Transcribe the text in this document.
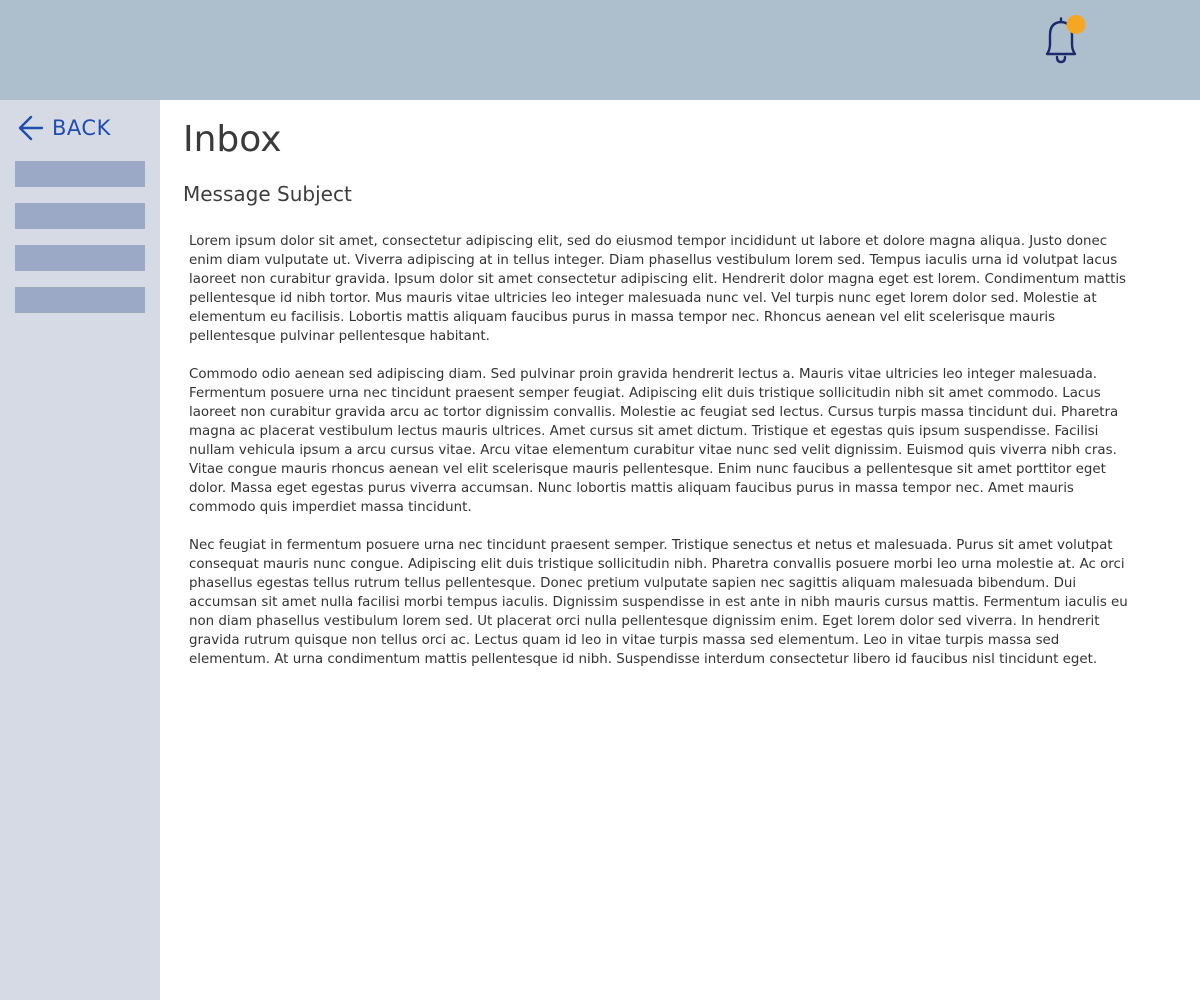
BACK Inbox
Message Subject

Lorem ipsum dolor sit amet, consectetur adipiscing elit, sed do eiusmod tempor incididunt ut labore et dolore magna aliqua. Justo donec enim diam vulputate ut. Viverra adipiscing at in tellus integer. Diam phasellus vestibulum lorem sed. Tempus iaculis urna id volutpat lacus laoreet non curabitur gravida. Ipsum dolor sit amet consectetur adipiscing elit. Hendrerit dolor magna eget est lorem. Condimentum mattis pellentesque id nibh tortor. Mus mauris vitae ultricies leo integer malesuada nunc vel. Vel turpis nunc eget lorem dolor sed. Molestie at elementum eu facilisis. Lobortis mattis aliquam faucibus purus in massa tempor nec. Rhoncus aenean vel elit scelerisque mauris pellentesque pulvinar pellentesque habitant.

Commodo odio aenean sed adipiscing diam. Sed pulvinar proin gravida hendrerit lectus a. Mauris vitae ultricies leo integer malesuada. Fermentum posuere urna nec tincidunt praesent semper feugiat. Adipiscing elit duis tristique sollicitudin nibh sit amet commodo. Lacus laoreet non curabitur gravida arcu ac tortor dignissim convallis. Molestie ac feugiat sed lectus. Cursus turpis massa tincidunt dui. Pharetra magna ac placerat vestibulum lectus mauris ultrices. Amet cursus sit amet dictum. Tristique et egestas quis ipsum suspendisse. Facilisi nullam vehicula ipsum a arcu cursus vitae. Arcu vitae elementum curabitur vitae nunc sed velit dignissim. Euismod quis viverra nibh cras. Vitae congue mauris rhoncus aenean vel elit scelerisque mauris pellentesque. Enim nunc faucibus a pellentesque sit amet porttitor eget dolor. Massa eget egestas purus viverra accumsan. Nunc lobortis mattis aliquam faucibus purus in massa tempor nec. Amet mauris commodo quis imperdiet massa tincidunt.

Nec feugiat in fermentum posuere urna nec tincidunt praesent semper. Tristique senectus et netus et malesuada. Purus sit amet volutpat consequat mauris nunc congue. Adipiscing elit duis tristique sollicitudin nibh. Pharetra convallis posuere morbi leo urna molestie at. Ac orci phasellus egestas tellus rutrum tellus pellentesque. Donec pretium vulputate sapien nec sagittis aliquam malesuada bibendum. Dui accumsan sit amet nulla facilisi morbi tempus iaculis. Dignissim suspendisse in est ante in nibh mauris cursus mattis. Fermentum iaculis eu non diam phasellus vestibulum lorem sed. Ut placerat orci nulla pellentesque dignissim enim. Eget lorem dolor sed viverra. In hendrerit gravida rutrum quisque non tellus orci ac. Lectus quam id leo in vitae turpis massa sed elementum. Leo in vitae turpis massa sed elementum. At urna condimentum mattis pellentesque id nibh. Suspendisse interdum consectetur libero id faucibus nisl tincidunt eget.
